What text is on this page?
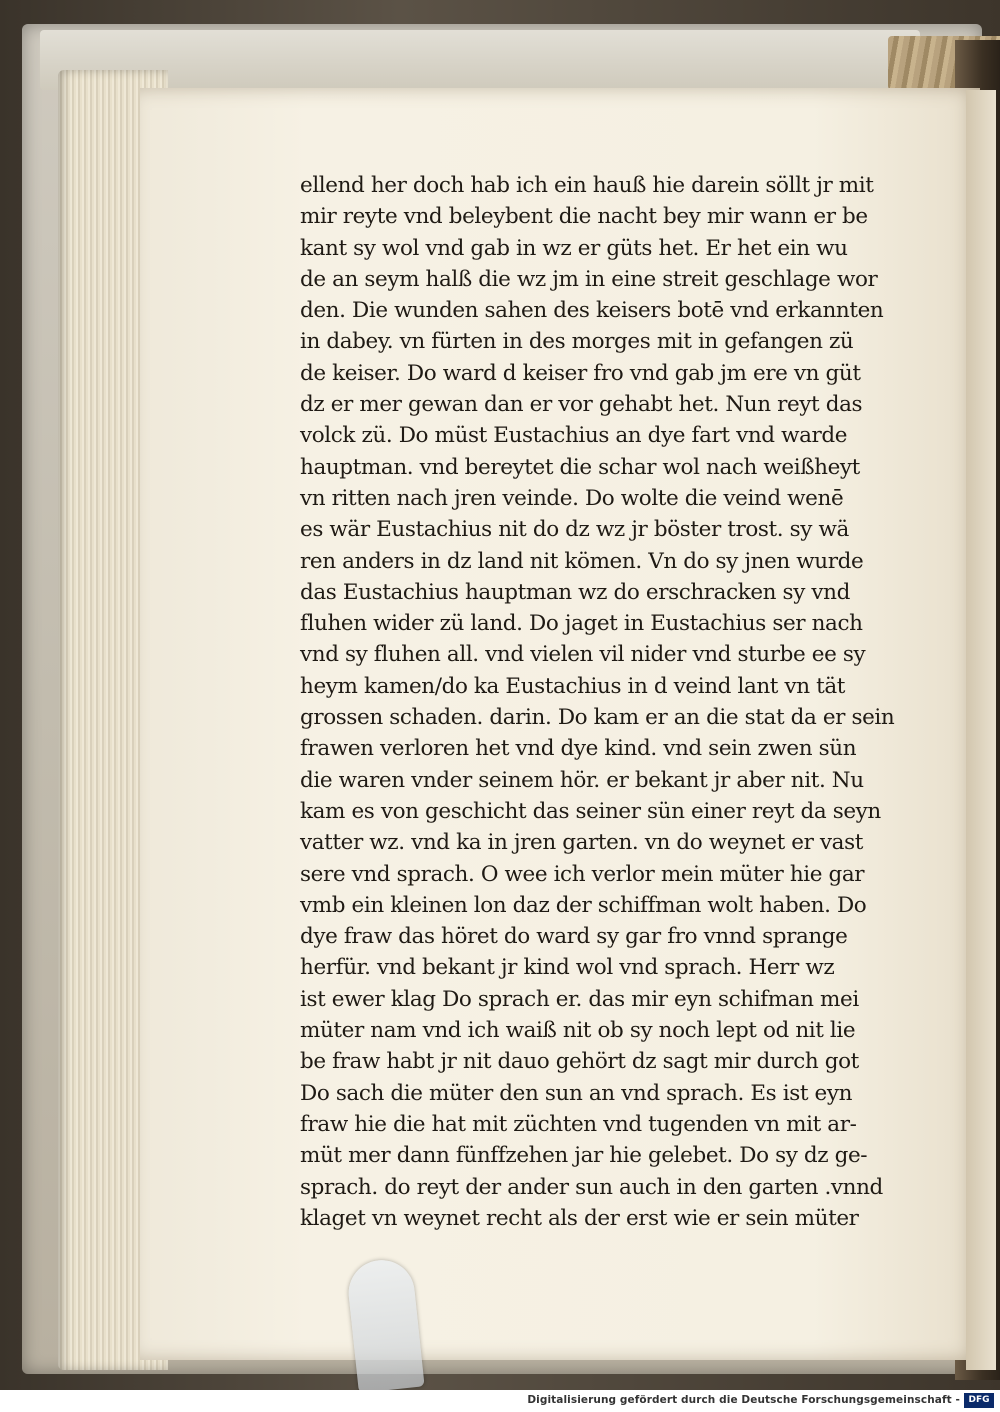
ellend her doch hab ich ein hauß hie darein söllt jr mit
mir reyte vnd beleybent die nacht bey mir wann er be
kant sy wol vnd gab in wz er güts het. Er het ein wu
de an seym halß die wz jm in eine streit geschlage wor
den. Die wunden sahen des keisers botē vnd erkannten
in dabey. vn fürten in des morges mit in gefangen zü
de keiser. Do ward d keiser fro vnd gab jm ere vn güt
dz er mer gewan dan er vor gehabt het. Nun reyt das
volck zü. Do müst Eustachius an dye fart vnd warde
hauptman. vnd bereytet die schar wol nach weißheyt
vn ritten nach jren veinde. Do wolte die veind wenē
es wär Eustachius nit do dz wz jr böster trost. sy wä
ren anders in dz land nit kömen. Vn do sy jnen wurde
das Eustachius hauptman wz do erschracken sy vnd
fluhen wider zü land. Do jaget in Eustachius ser nach
vnd sy fluhen all. vnd vielen vil nider vnd sturbe ee sy
heym kamen/do ka Eustachius in d veind lant vn tät
grossen schaden. darin. Do kam er an die stat da er sein
frawen verloren het vnd dye kind. vnd sein zwen sün
die waren vnder seinem hör. er bekant jr aber nit. Nu
kam es von geschicht das seiner sün einer reyt da seyn
vatter wz. vnd ka in jren garten. vn do weynet er vast
sere vnd sprach. O wee ich verlor mein müter hie gar
vmb ein kleinen lon daz der schiffman wolt haben. Do
dye fraw das höret do ward sy gar fro vnnd sprange
herfür. vnd bekant jr kind wol vnd sprach. Herr wz
ist ewer klag Do sprach er. das mir eyn schifman mei
müter nam vnd ich waiß nit ob sy noch lept od nit lie
be fraw habt jr nit dauo gehört dz sagt mir durch got
Do sach die müter den sun an vnd sprach. Es ist eyn
fraw hie die hat mit züchten vnd tugenden vn mit ar-
müt mer dann fünffzehen jar hie gelebet. Do sy dz ge-
sprach. do reyt der ander sun auch in den garten .vnnd
klaget vn weynet recht als der erst wie er sein müter
Digitalisierung gefördert durch die Deutsche Forschungsgemeinschaft - DFG
